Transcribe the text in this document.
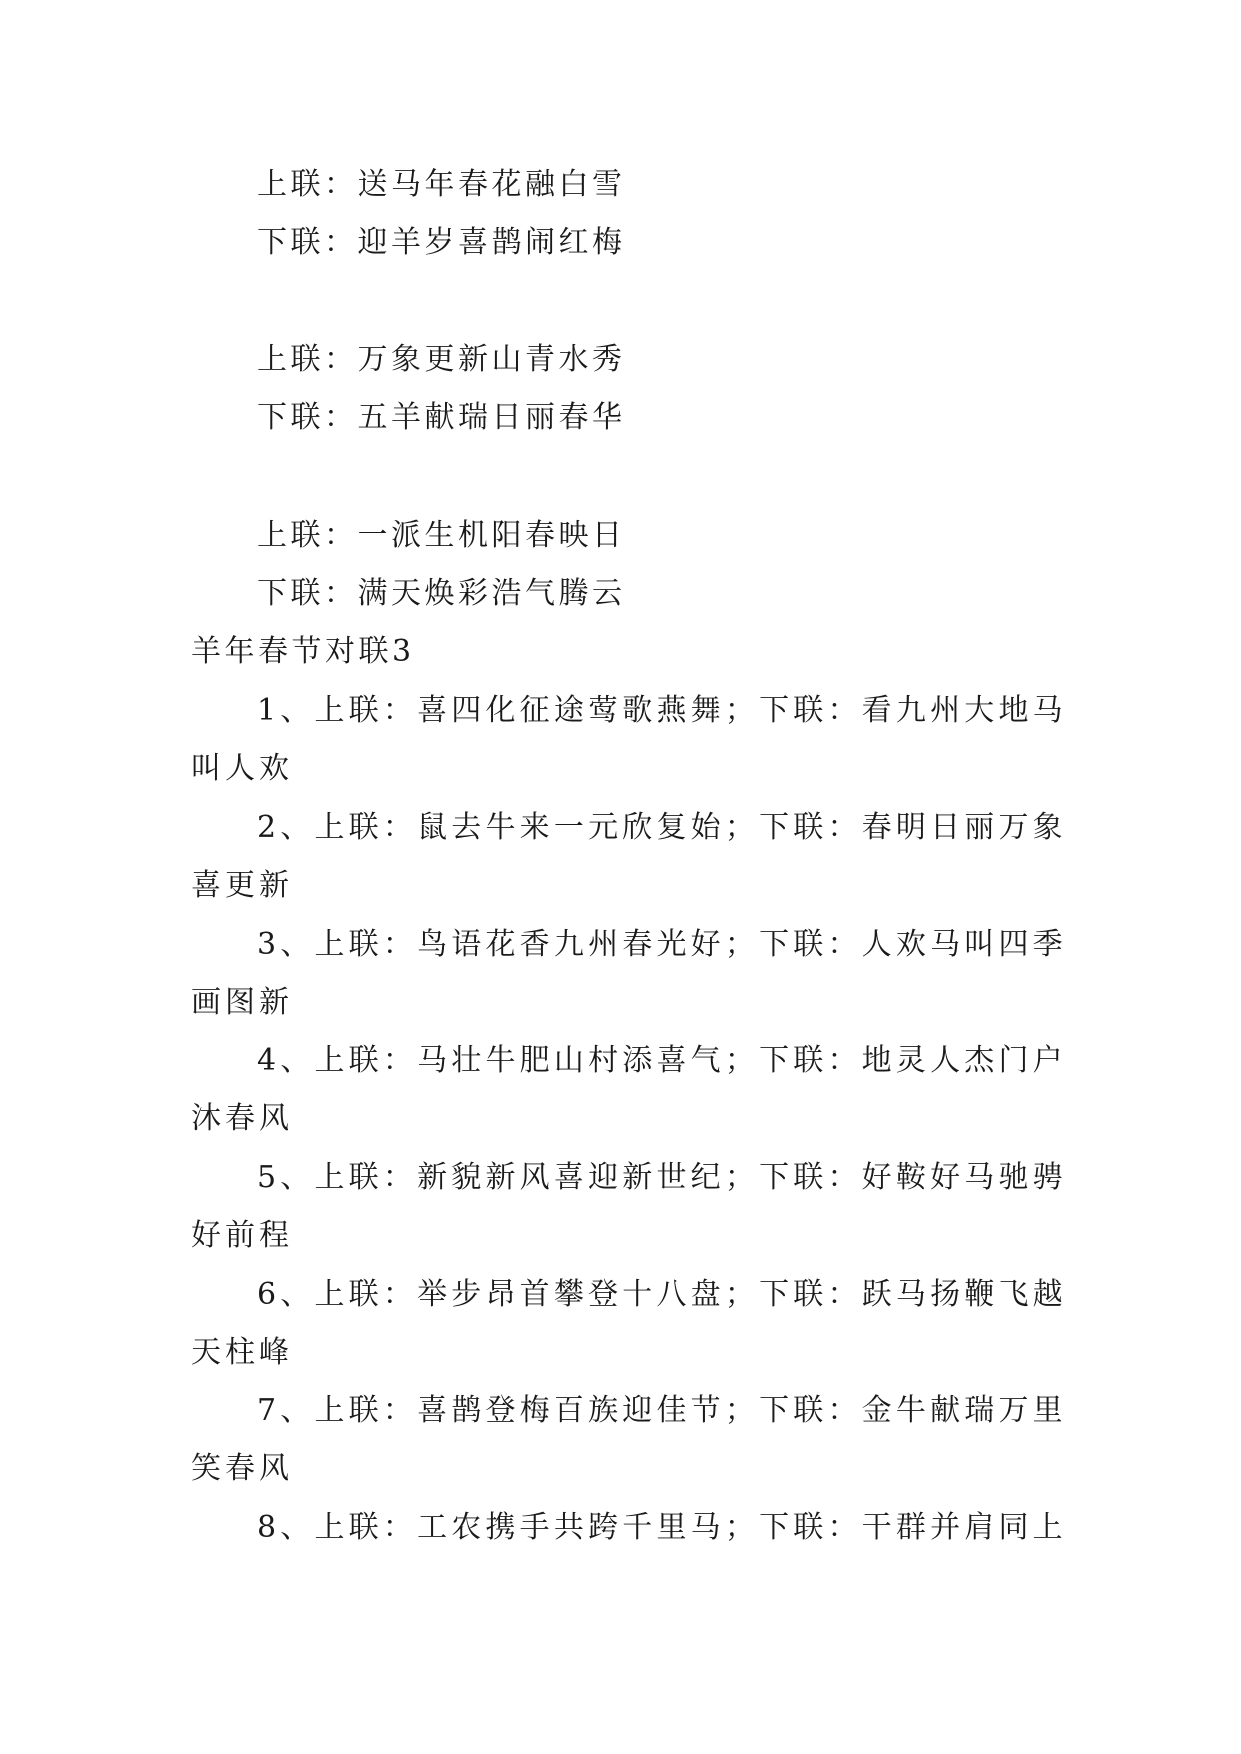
上联：送马年春花融白雪
下联：迎羊岁喜鹊闹红梅
上联：万象更新山青水秀
下联：五羊献瑞日丽春华
上联：一派生机阳春映日
下联：满天焕彩浩气腾云
羊年春节对联3
1、上联：喜四化征途莺歌燕舞；下联：看九州大地马
叫人欢
2、上联：鼠去牛来一元欣复始；下联：春明日丽万象
喜更新
3、上联：鸟语花香九州春光好；下联：人欢马叫四季
画图新
4、上联：马壮牛肥山村添喜气；下联：地灵人杰门户
沐春风
5、上联：新貌新风喜迎新世纪；下联：好鞍好马驰骋
好前程
6、上联：举步昂首攀登十八盘；下联：跃马扬鞭飞越
天柱峰
7、上联：喜鹊登梅百族迎佳节；下联：金牛献瑞万里
笑春风
8、上联：工农携手共跨千里马；下联：干群并肩同上
